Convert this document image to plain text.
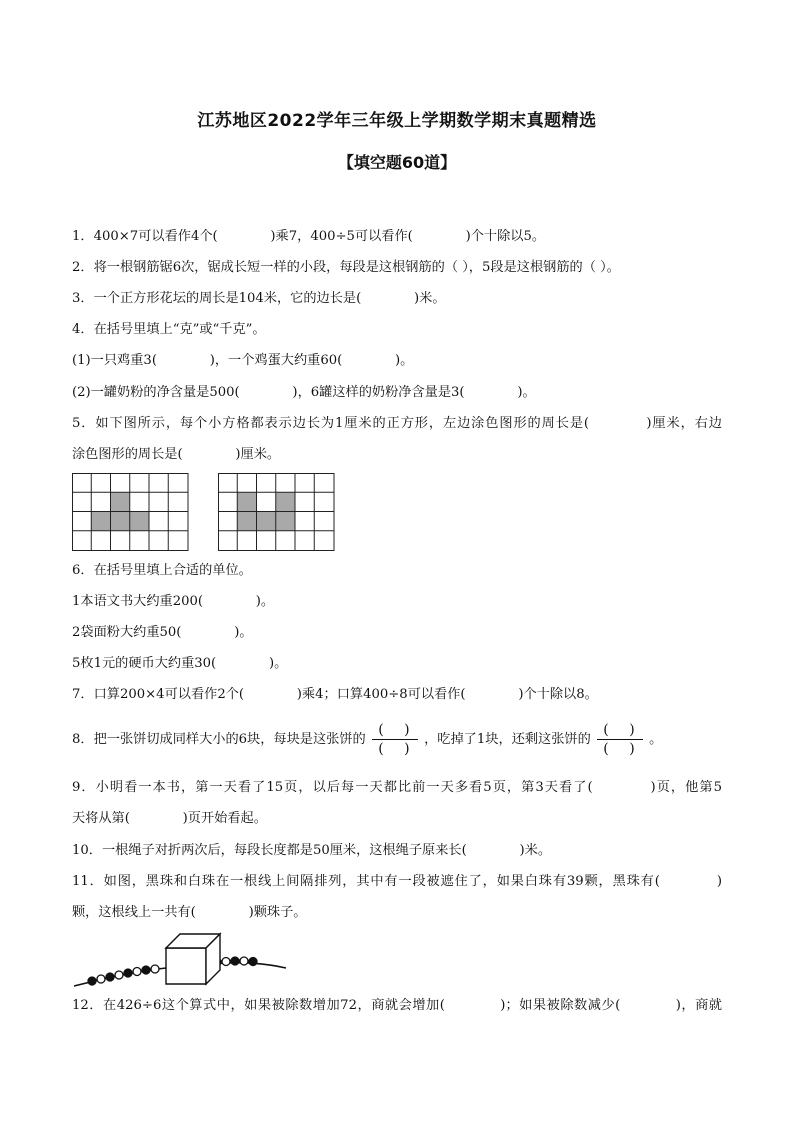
江苏地区2022学年三年级上学期数学期末真题精选
【填空题60道】
1．400×7可以看作4个(　　　　)乘7，400÷5可以看作(　　　　)个十除以5。
2．将一根钢筋锯6次，锯成长短一样的小段，每段是这根钢筋的（ ），5段是这根钢筋的（ ）。
3．一个正方形花坛的周长是104米，它的边长是(　　　　)米。
4．在括号里填上“克”或“千克”。
(1)一只鸡重3(　　　　)，一个鸡蛋大约重60(　　　　)。
(2)一罐奶粉的净含量是500(　　　　)，6罐这样的奶粉净含量是3(　　　　)。
5．如下图所示，每个小方格都表示边长为1厘米的正方形，左边涂色图形的周长是(　　　　)厘米，右边
涂色图形的周长是(　　　　)厘米。
6．在括号里填上合适的单位。
1本语文书大约重200(　　　　)。
2袋面粉大约重50(　　　　)。
5枚1元的硬币大约重30(　　　　)。
7．口算200×4可以看作2个(　　　　)乘4；口算400÷8可以看作(　　　　)个十除以8。
8．把一张饼切成同样大小的6块，每块是这张饼的 $\frac{( )}{( )}$ ，吃掉了1块，还剩这张饼的 $\frac{( )}{( )}$ 。
9．小明看一本书，第一天看了15页，以后每一天都比前一天多看5页，第3天看了(　　　　)页，他第5
天将从第(　　　　)页开始看起。
10．一根绳子对折两次后，每段长度都是50厘米，这根绳子原来长(　　　　)米。
11．如图，黑珠和白珠在一根线上间隔排列，其中有一段被遮住了，如果白珠有39颗，黑珠有(　　　　)
颗，这根线上一共有(　　　　)颗珠子。
12．在426÷6这个算式中，如果被除数增加72，商就会增加(　　　　)；如果被除数减少(　　　　)，商就
